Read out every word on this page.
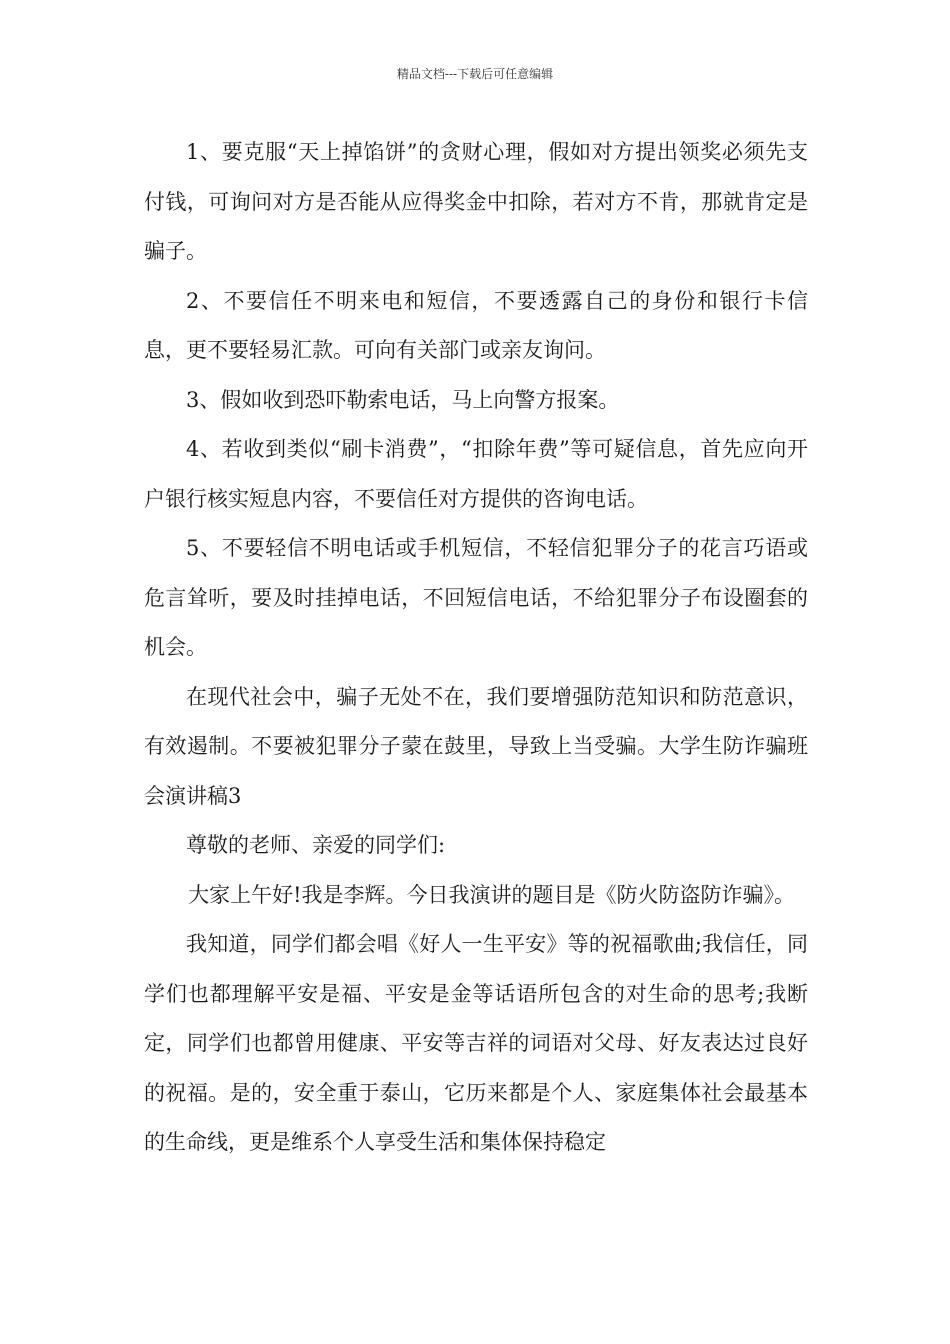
精品文档---下载后可任意编辑

1、要克服“天上掉馅饼”的贪财心理，假如对方提出领奖必须先支付钱，可询问对方是否能从应得奖金中扣除，若对方不肯，那就肯定是骗子。

2、不要信任不明来电和短信，不要透露自己的身份和银行卡信息，更不要轻易汇款。可向有关部门或亲友询问。

3、假如收到恐吓勒索电话，马上向警方报案。

4、若收到类似“刷卡消费”，“扣除年费”等可疑信息，首先应向开户银行核实短息内容，不要信任对方提供的咨询电话。

5、不要轻信不明电话或手机短信，不轻信犯罪分子的花言巧语或危言耸听，要及时挂掉电话，不回短信电话，不给犯罪分子布设圈套的机会。

在现代社会中，骗子无处不在，我们要增强防范知识和防范意识，有效遏制。不要被犯罪分子蒙在鼓里，导致上当受骗。大学生防诈骗班会演讲稿3

尊敬的老师、亲爱的同学们:

大家上午好!我是李辉。今日我演讲的题目是《防火防盗防诈骗》。

我知道，同学们都会唱《好人一生平安》等的祝福歌曲;我信任，同学们也都理解平安是福、平安是金等话语所包含的对生命的思考;我断定，同学们也都曾用健康、平安等吉祥的词语对父母、好友表达过良好的祝福。是的，安全重于泰山，它历来都是个人、家庭集体社会最基本的生命线，更是维系个人享受生活和集体保持稳定
